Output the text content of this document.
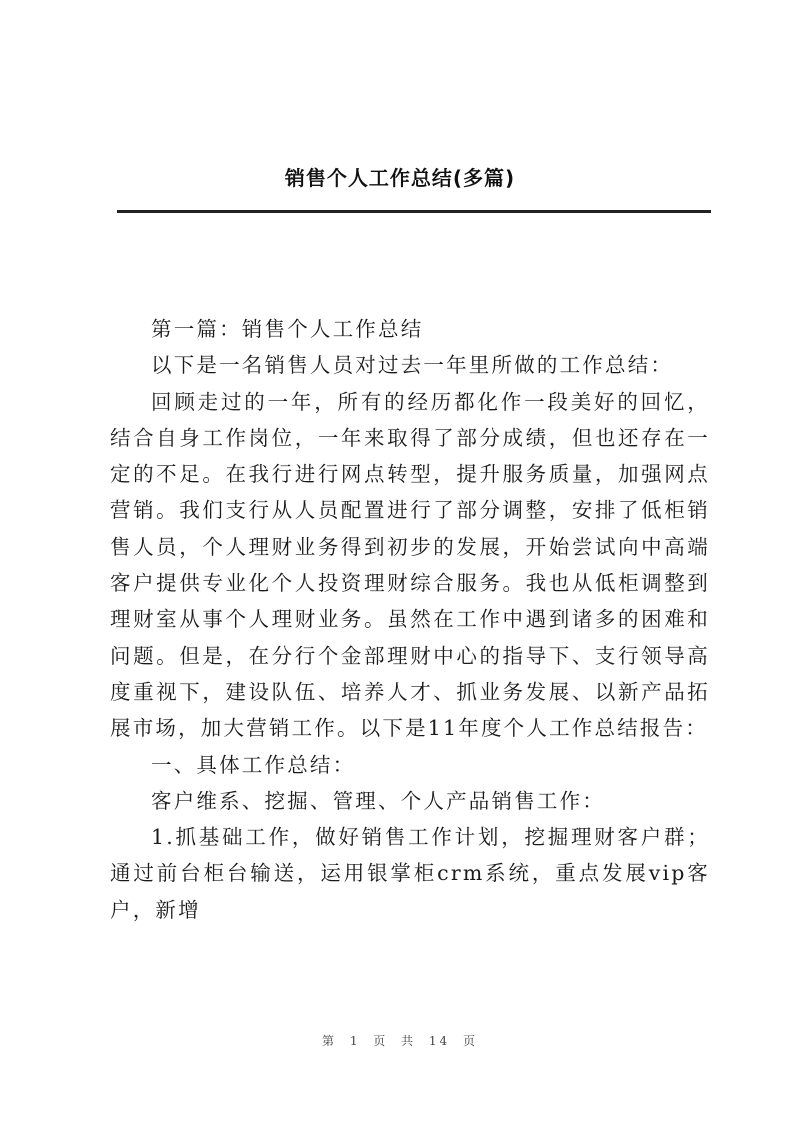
销售个人工作总结(多篇)

第一篇：销售个人工作总结

以下是一名销售人员对过去一年里所做的工作总结：

回顾走过的一年，所有的经历都化作一段美好的回忆，结合自身工作岗位，一年来取得了部分成绩，但也还存在一定的不足。在我行进行网点转型，提升服务质量，加强网点营销。我们支行从人员配置进行了部分调整，安排了低柜销售人员，个人理财业务得到初步的发展，开始尝试向中高端客户提供专业化个人投资理财综合服务。我也从低柜调整到理财室从事个人理财业务。虽然在工作中遇到诸多的困难和问题。但是，在分行个金部理财中心的指导下、支行领导高度重视下，建设队伍、培养人才、抓业务发展、以新产品拓展市场，加大营销工作。以下是11年度个人工作总结报告：

一、具体工作总结：

客户维系、挖掘、管理、个人产品销售工作：

1.抓基础工作，做好销售工作计划，挖掘理财客户群；通过前台柜台输送，运用银掌柜crm系统，重点发展vip客户，新增

第 1 页 共 14 页
